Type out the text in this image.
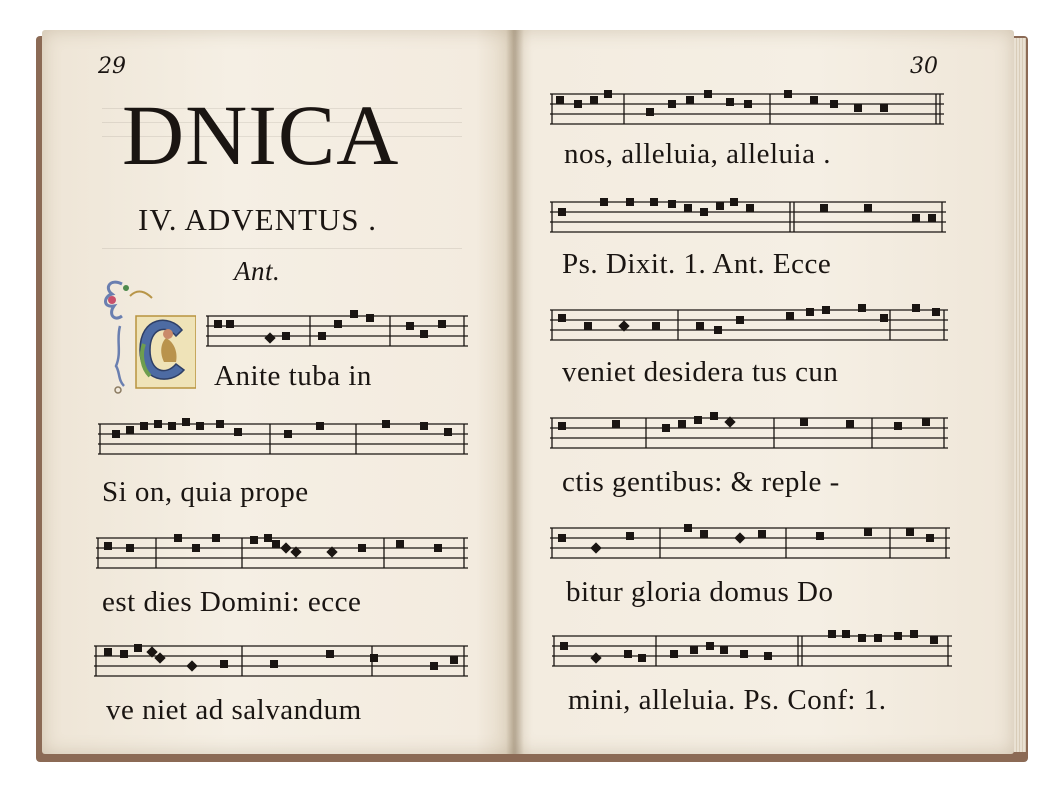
29
DNICA
IV. ADVENTUS .
Ant.
Anite tuba in
Si on, quia prope
est dies Domini: ecce
ve niet ad salvandum
30
nos, alleluia, alleluia .
Ps. Dixit. 1. Ant. Ecce
veniet desidera tus cun
ctis gentibus: & reple -
bitur gloria domus Do
mini, alleluia. Ps. Conf: 1.
